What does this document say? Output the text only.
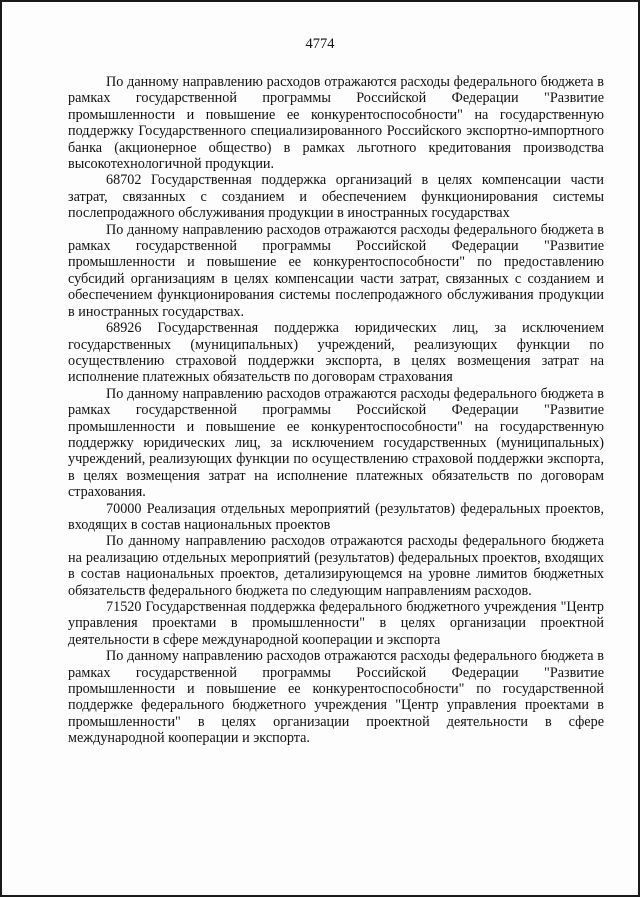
4774

По данному направлению расходов отражаются расходы федерального бюджета в рамках государственной программы Российской Федерации "Развитие промышленности и повышение ее конкурентоспособности" на государственную поддержку Государственного специализированного Российского экспортно-импортного банка (акционерное общество) в рамках льготного кредитования производства высокотехнологичной продукции.

68702 Государственная поддержка организаций в целях компенсации части затрат, связанных с созданием и обеспечением функционирования системы послепродажного обслуживания продукции в иностранных государствах

По данному направлению расходов отражаются расходы федерального бюджета в рамках государственной программы Российской Федерации "Развитие промышленности и повышение ее конкурентоспособности" по предоставлению субсидий организациям в целях компенсации части затрат, связанных с созданием и обеспечением функционирования системы послепродажного обслуживания продукции в иностранных государствах.

68926 Государственная поддержка юридических лиц, за исключением государственных (муниципальных) учреждений, реализующих функции по осуществлению страховой поддержки экспорта, в целях возмещения затрат на исполнение платежных обязательств по договорам страхования

По данному направлению расходов отражаются расходы федерального бюджета в рамках государственной программы Российской Федерации "Развитие промышленности и повышение ее конкурентоспособности" на государственную поддержку юридических лиц, за исключением государственных (муниципальных) учреждений, реализующих функции по осуществлению страховой поддержки экспорта, в целях возмещения затрат на исполнение платежных обязательств по договорам страхования.

70000 Реализация отдельных мероприятий (результатов) федеральных проектов, входящих в состав национальных проектов

По данному направлению расходов отражаются расходы федерального бюджета на реализацию отдельных мероприятий (результатов) федеральных проектов, входящих в состав национальных проектов, детализирующемся на уровне лимитов бюджетных обязательств федерального бюджета по следующим направлениям расходов.

71520 Государственная поддержка федерального бюджетного учреждения "Центр управления проектами в промышленности" в целях организации проектной деятельности в сфере международной кооперации и экспорта

По данному направлению расходов отражаются расходы федерального бюджета в рамках государственной программы Российской Федерации "Развитие промышленности и повышение ее конкурентоспособности" по государственной поддержке федерального бюджетного учреждения "Центр управления проектами в промышленности" в целях организации проектной деятельности в сфере международной кооперации и экспорта.
